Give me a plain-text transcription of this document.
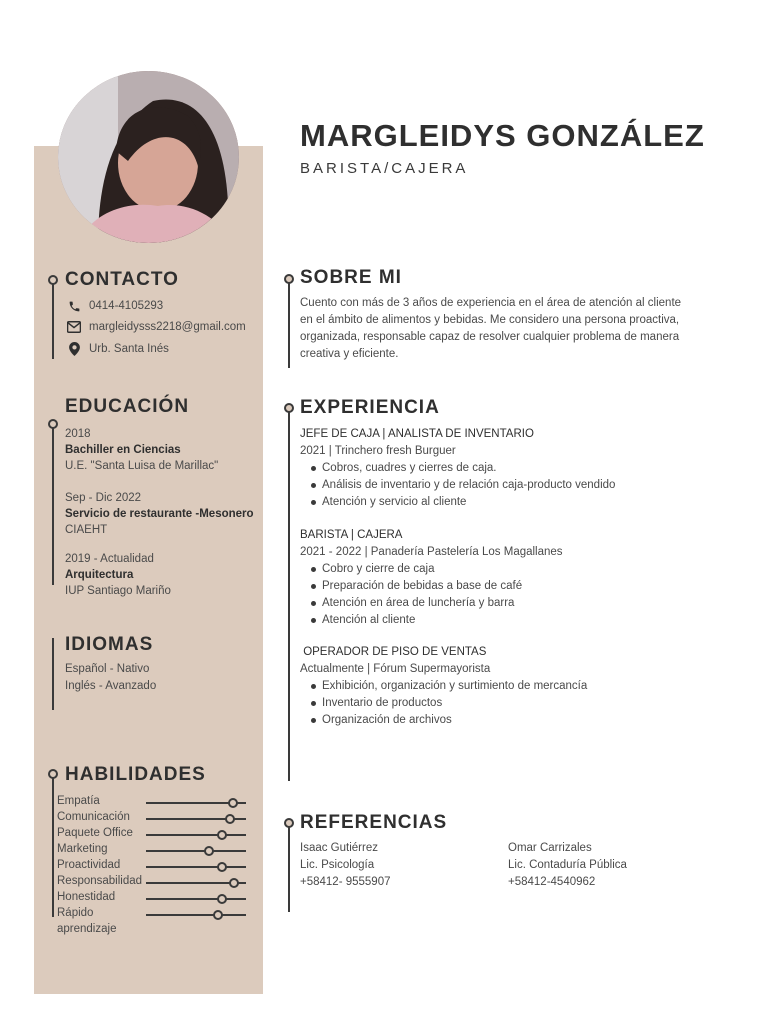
MARGLEIDYS GONZÁLEZ
BARISTA/CAJERA
CONTACTO
0414-4105293
margleidysss2218@gmail.com
Urb. Santa Inés
EDUCACIÓN
2018
Bachiller en Ciencias
U.E. "Santa Luisa de Marillac"
Sep - Dic 2022
Servicio de restaurante -Mesonero
CIAEHT
2019 - Actualidad
Arquitectura
IUP Santiago Mariño
IDIOMAS
Español - Nativo
Inglés - Avanzado
HABILIDADES
Empatía
Comunicación
Paquete Office
Marketing
Proactividad
Responsabilidad
Honestidad
Rápido
aprendizaje
SOBRE MI
Cuento con más de 3 años de experiencia en el área de atención al cliente
en el ámbito de alimentos y bebidas. Me considero una persona proactiva,
organizada, responsable capaz de resolver cualquier problema de manera
creativa y eficiente.
EXPERIENCIA
JEFE DE CAJA | ANALISTA DE INVENTARIO
2021 | Trinchero fresh Burguer
Cobros, cuadres y cierres de caja.
Análisis de inventario y de relación caja-producto vendido
Atención y servicio al cliente
BARISTA | CAJERA
2021 - 2022 | Panadería Pastelería Los Magallanes
Cobro y cierre de caja
Preparación de bebidas a base de café
Atención en área de lunchería y barra
Atención al cliente
OPERADOR DE PISO DE VENTAS
Actualmente | Fórum Supermayorista
Exhibición, organización y surtimiento de mercancía
Inventario de productos
Organización de archivos
REFERENCIAS
Isaac Gutiérrez
Lic. Psicología
+58412- 9555907
Omar Carrizales
Lic. Contaduría Pública
+58412-4540962
